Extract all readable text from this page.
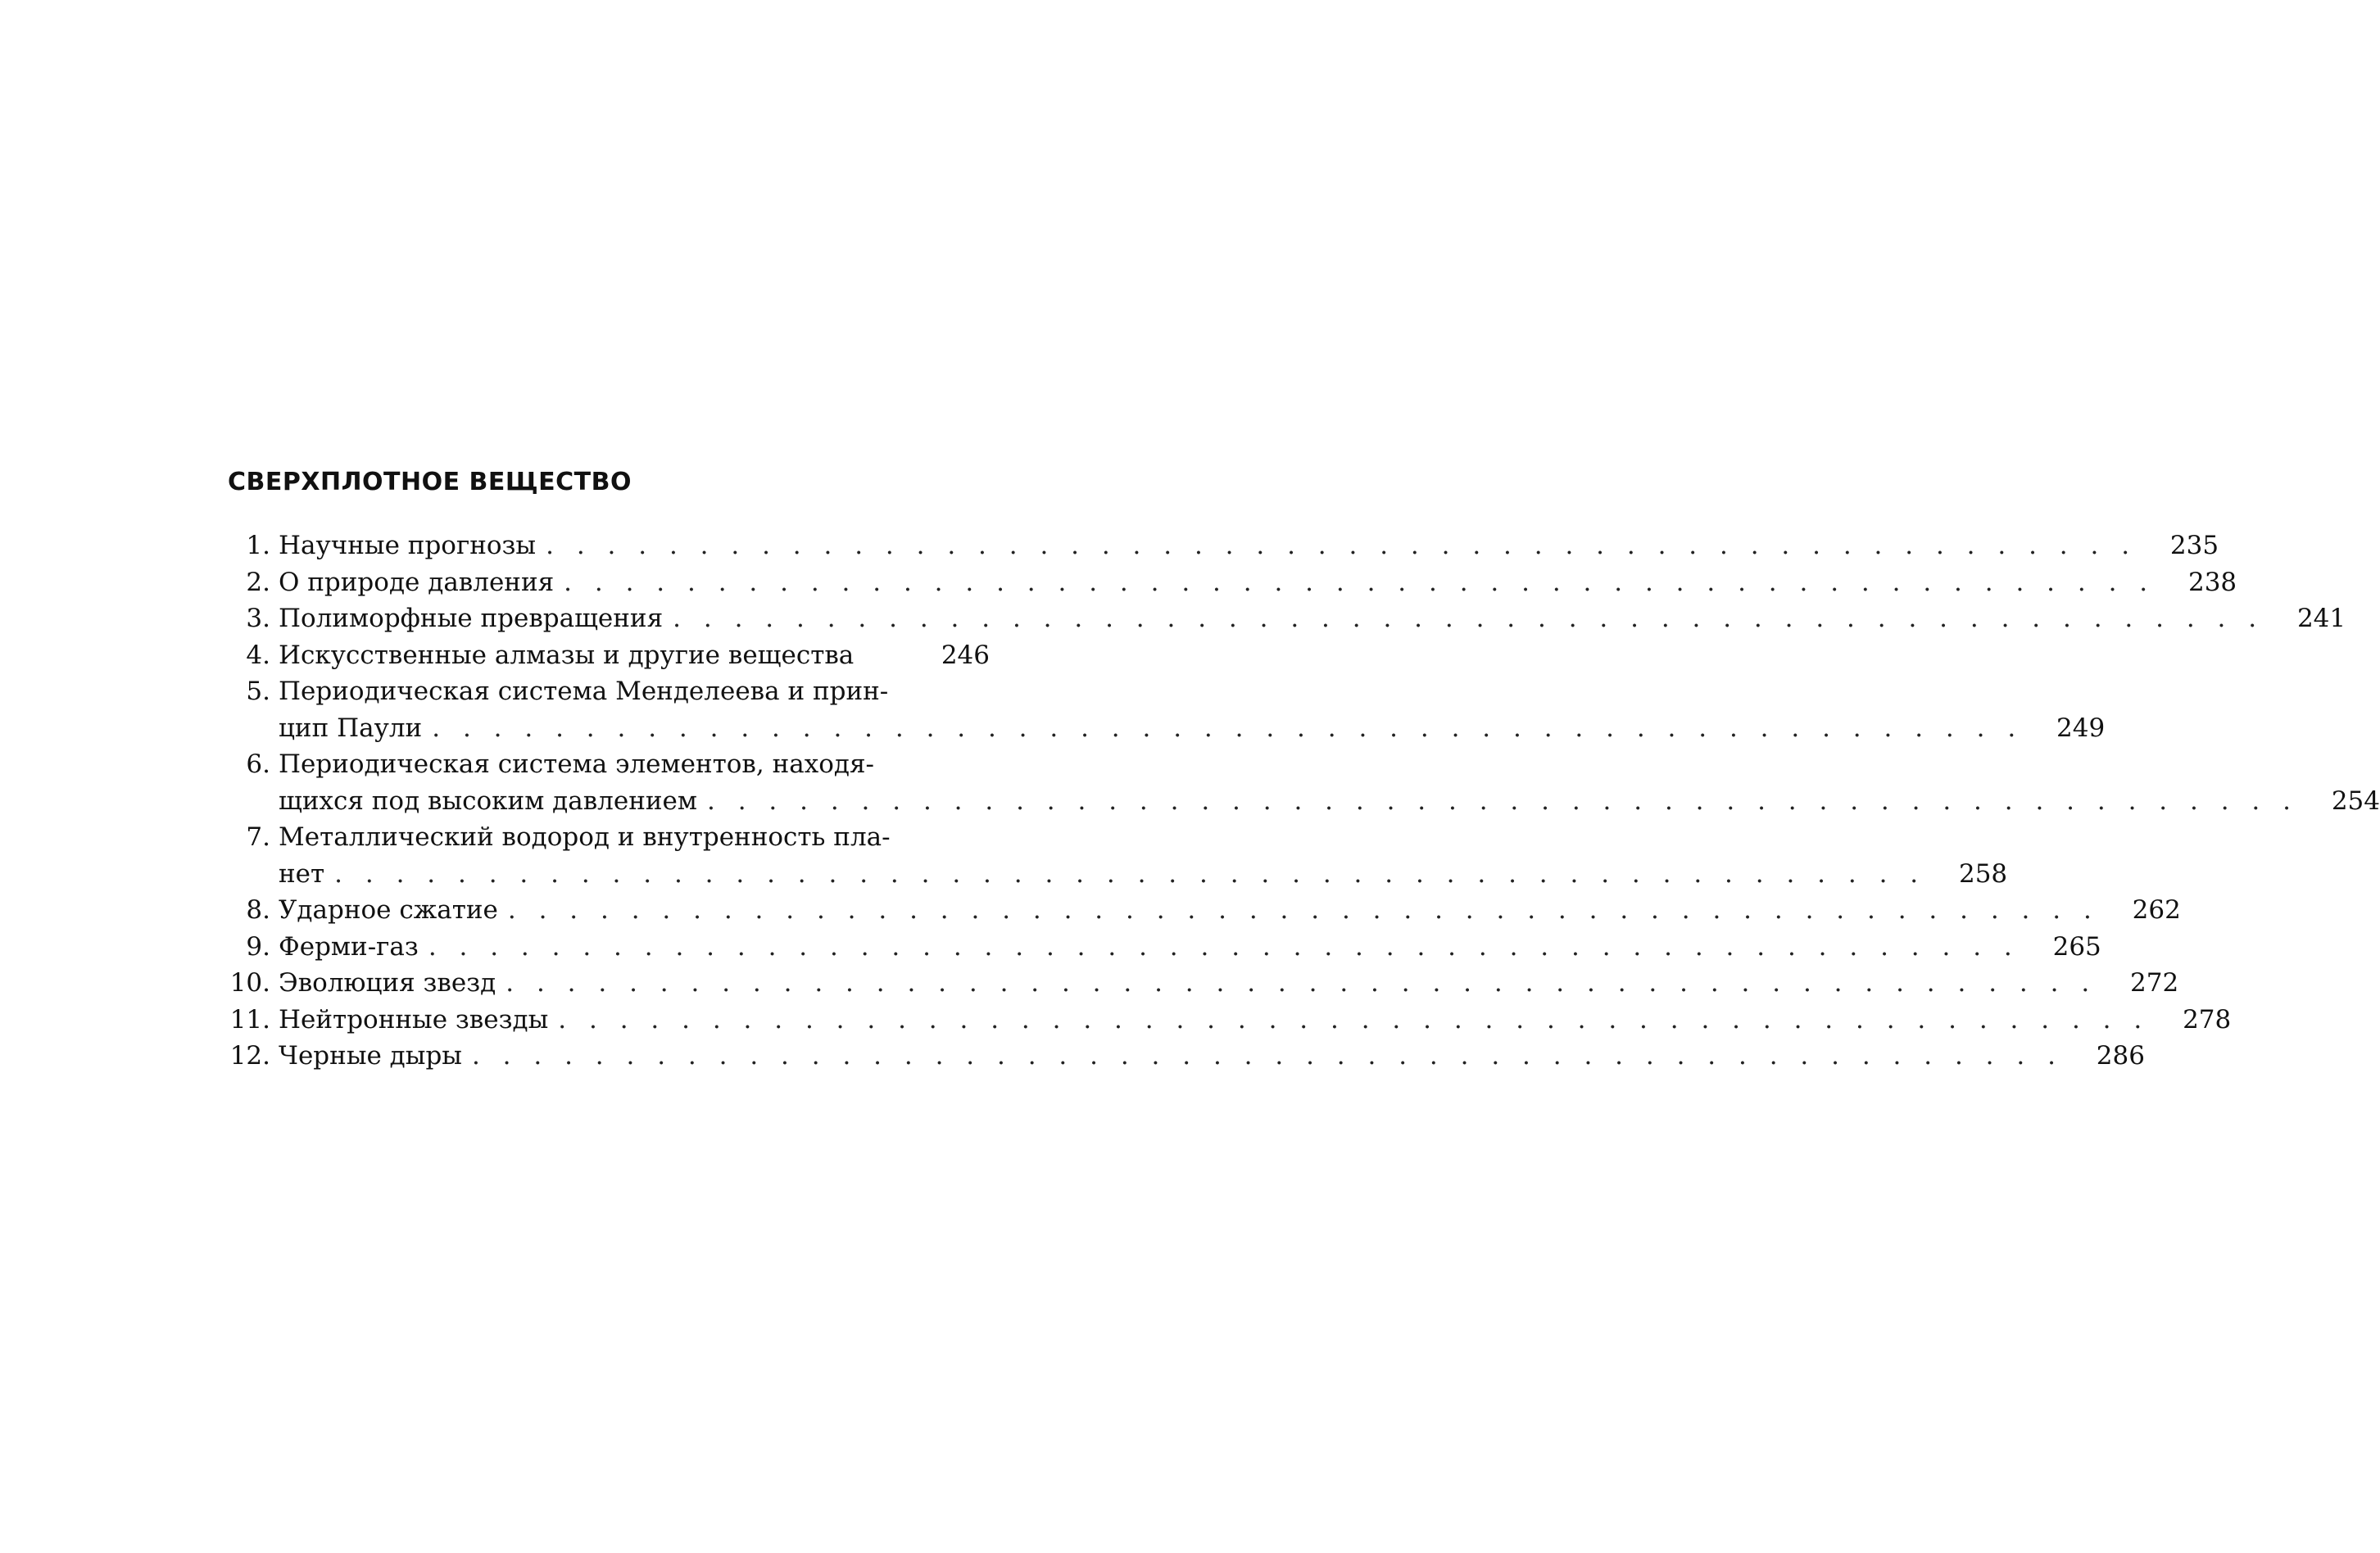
СВЕРХПЛОТНОЕ ВЕЩЕСТВО
1. Научные прогнозы . . .	235
2. О природе давления . . .	238
3. Полиморфные превращения . . .	241
4. Искусственные алмазы и другие вещества	246
5. Периодическая система Менделеева и прин-
цип Паули . . .	249
6. Периодическая система элементов, находя-
щихся под высоким давлением . . .	254
7. Металлический водород и внутренность пла-
нет . . .	258
8. Ударное сжатие . . .	262
9. Ферми-газ . . .	265
10. Эволюция звезд . . .	272
11. Нейтронные звезды . . .	278
12. Черные дыры . . .	286
